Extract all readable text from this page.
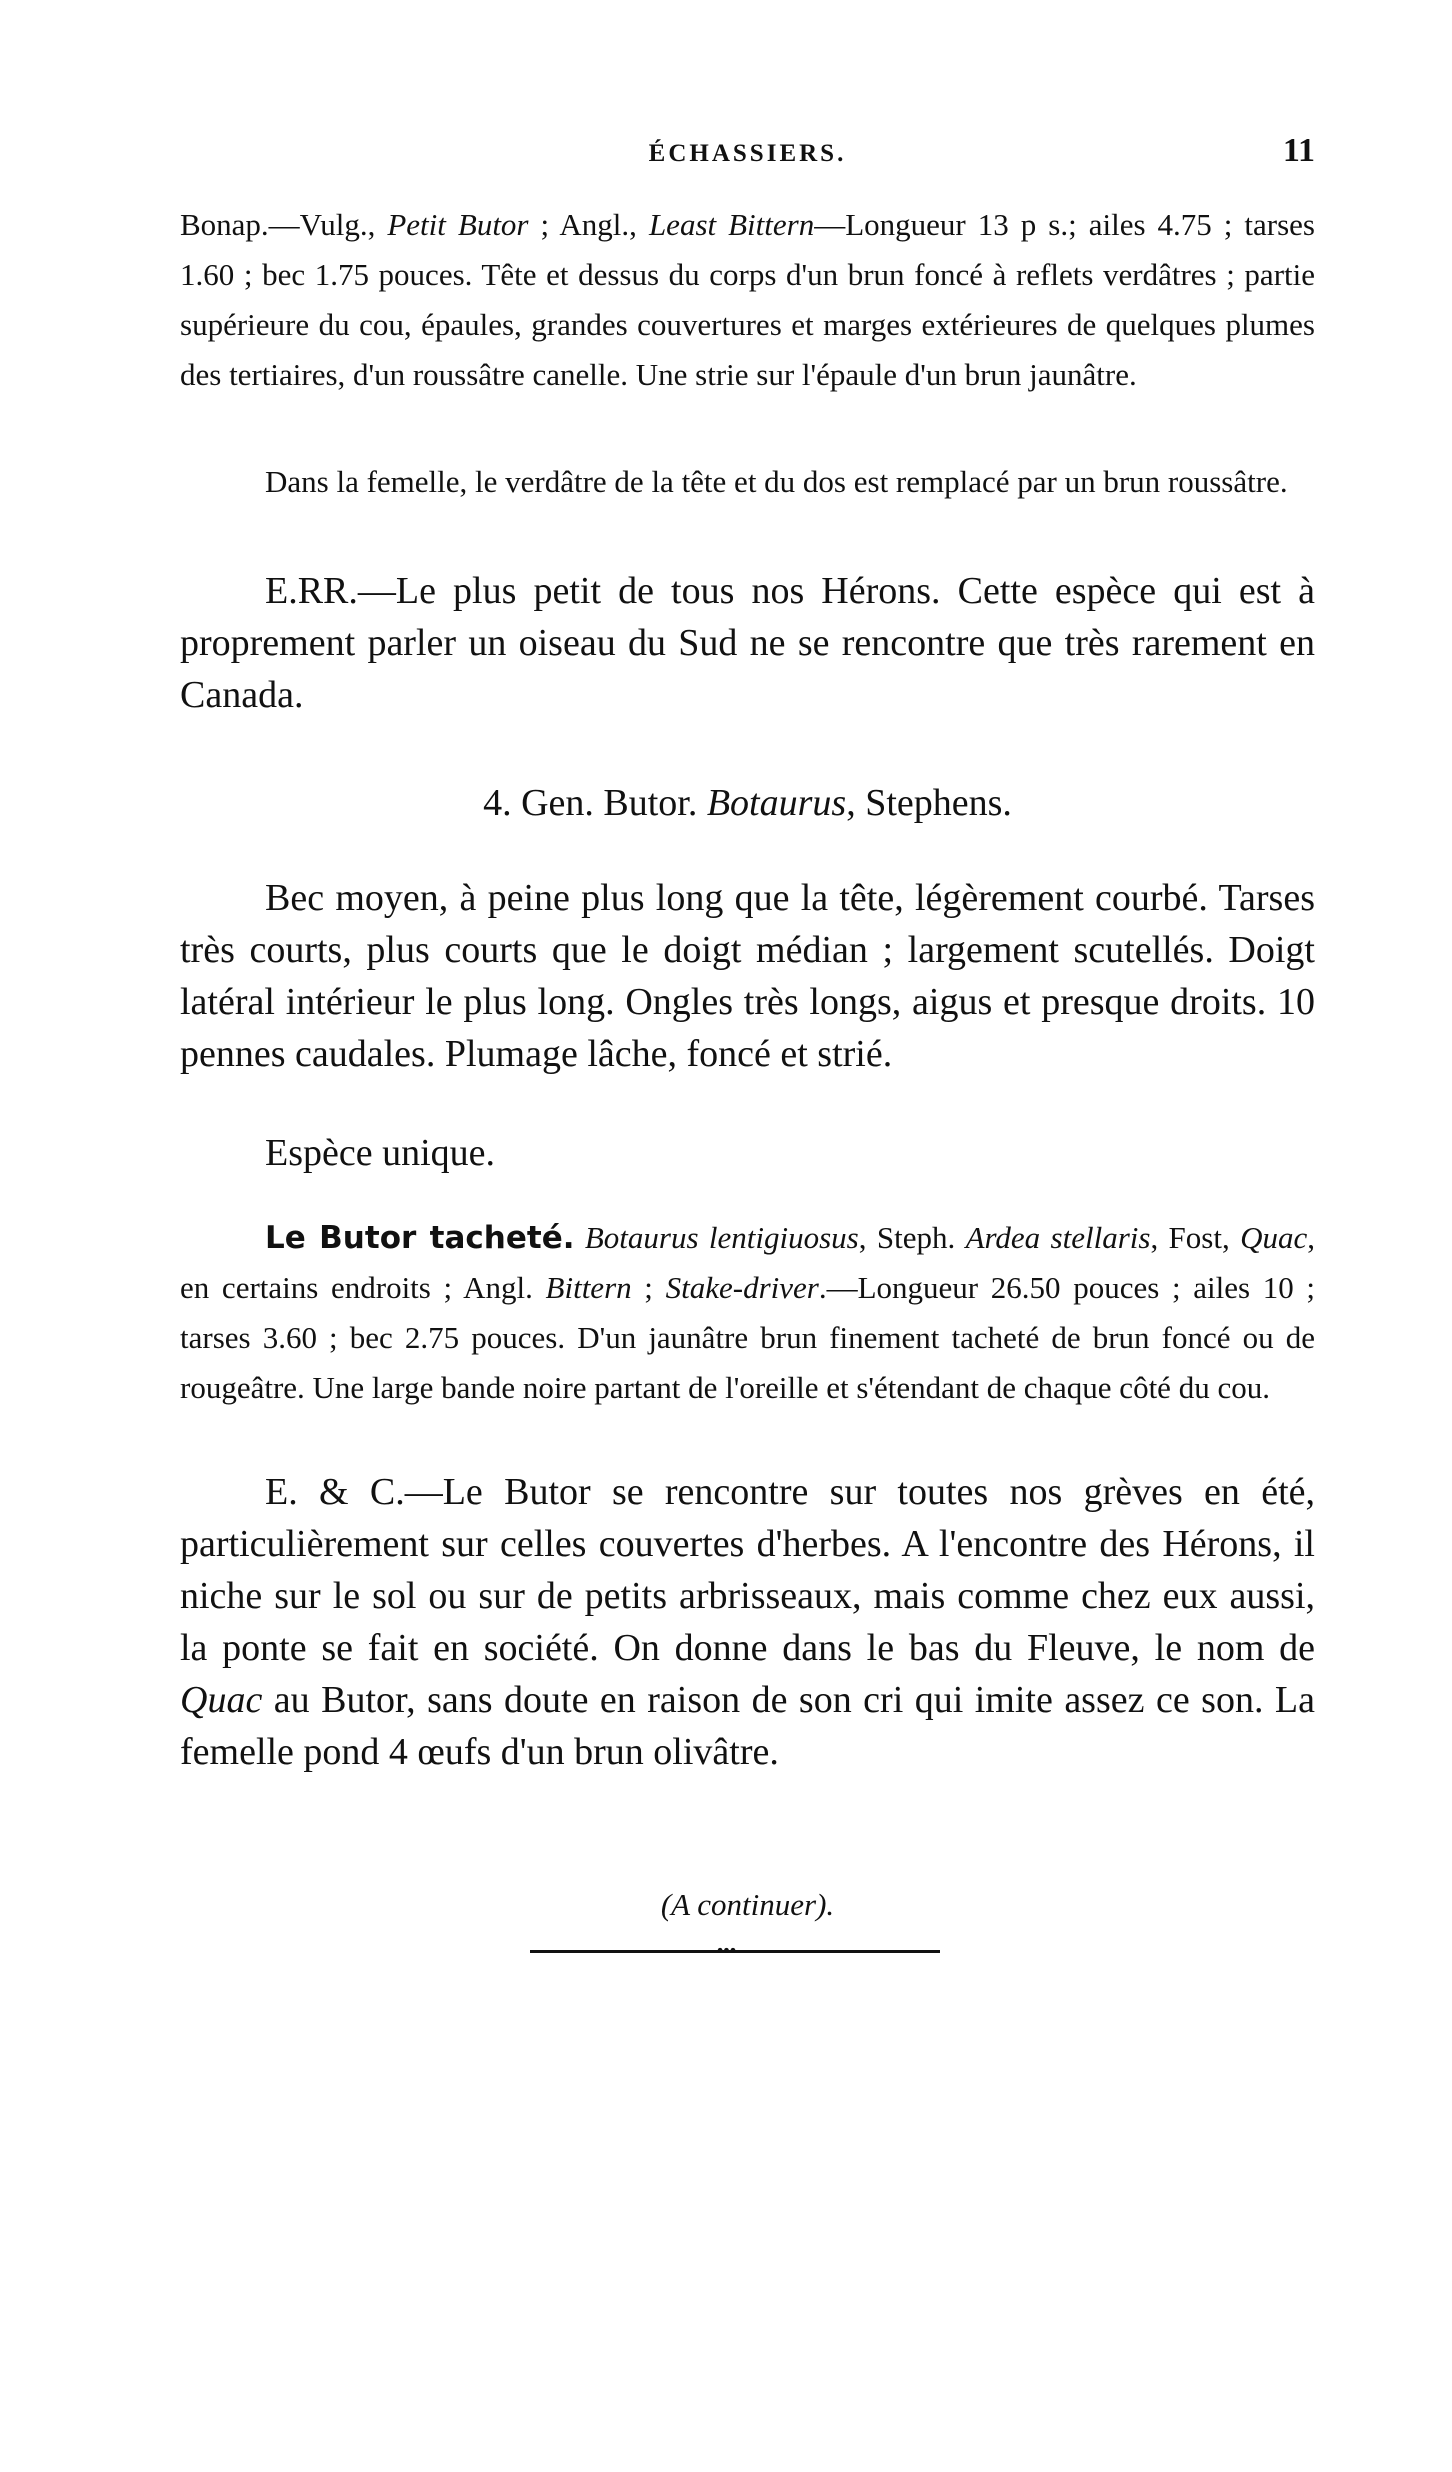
ÉCHASSIERS.	11
Bonap.—Vulg., Petit Butor ; Angl., Least Bittern—Longueur 13 p s.; ailes 4.75 ; tarses 1.60 ; bec 1.75 pouces. Tête et dessus du corps d'un brun foncé à reflets verdâtres ; partie supérieure du cou, épaules, grandes couvertures et marges extérieures de quelques plumes des tertiaires, d'un roussâtre canelle. Une strie sur l'épaule d'un brun jaunâtre.
Dans la femelle, le verdâtre de la tête et du dos est remplacé par un brun roussâtre.
E.RR.—Le plus petit de tous nos Hérons. Cette espèce qui est à proprement parler un oiseau du Sud ne se rencontre que très rarement en Canada.
4. Gen. Butor. Botaurus, Stephens.
Bec moyen, à peine plus long que la tête, légèrement courbé. Tarses très courts, plus courts que le doigt médian ; largement scutellés. Doigt latéral intérieur le plus long. Ongles très longs, aigus et presque droits. 10 pennes caudales. Plumage lâche, foncé et strié.
Espèce unique.
Le Butor tacheté. Botaurus lentigiuosus, Steph. Ardea stellaris, Fost, Quac, en certains endroits ; Angl. Bittern ; Stake-driver.—Longueur 26.50 pouces ; ailes 10 ; tarses 3.60 ; bec 2.75 pouces. D'un jaunâtre brun finement tacheté de brun foncé ou de rougeâtre. Une large bande noire partant de l'oreille et s'étendant de chaque côté du cou.
E. & C.—Le Butor se rencontre sur toutes nos grèves en été, particulièrement sur celles couvertes d'herbes. A l'encontre des Hérons, il niche sur le sol ou sur de petits arbrisseaux, mais comme chez eux aussi, la ponte se fait en société. On donne dans le bas du Fleuve, le nom de Quac au Butor, sans doute en raison de son cri qui imite assez ce son. La femelle pond 4 œufs d'un brun olivâtre.
(A continuer).
•••
